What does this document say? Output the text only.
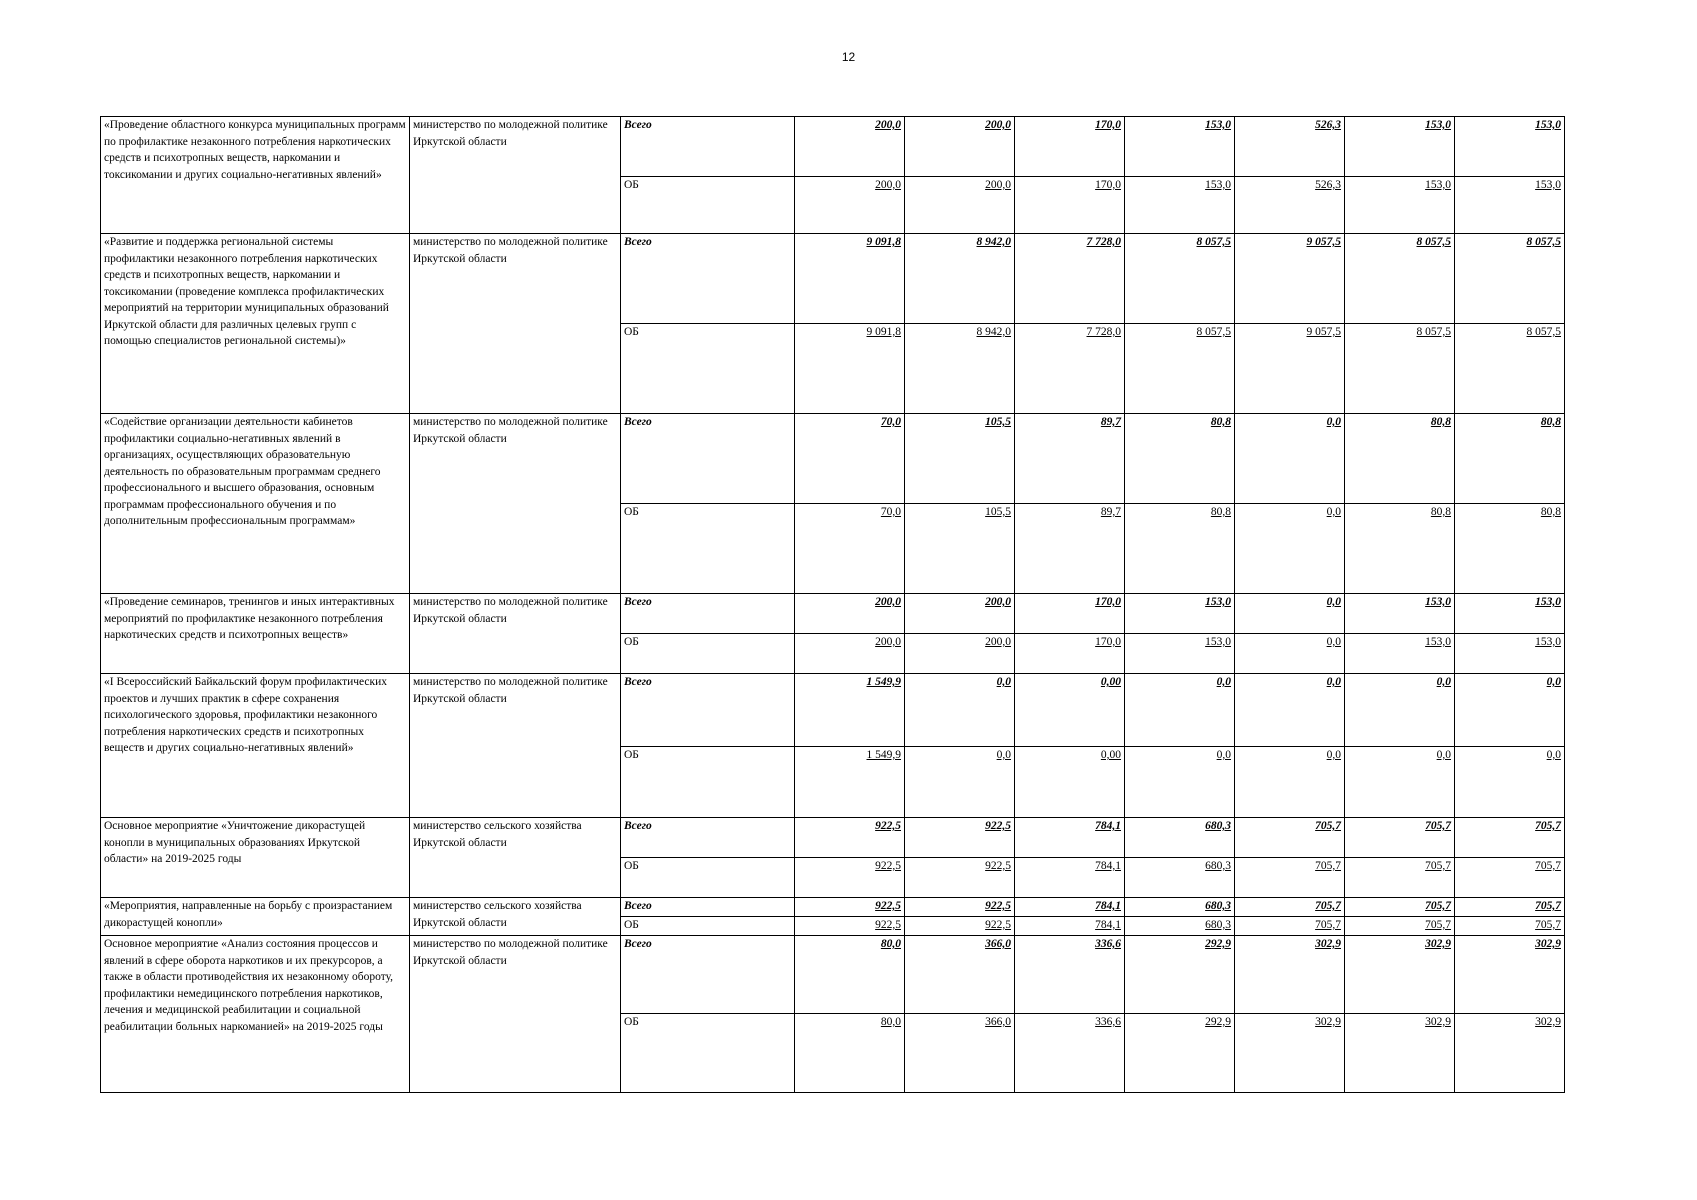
12
«Проведение областного конкурса муниципальных программ по профилактике незаконного потребления наркотических средств и психотропных веществ, наркомании и токсикомании и других социально-негативных явлений»	министерство по молодежной политике Иркутской области	Всего	200,0	200,0	170,0	153,0	526,3	153,0	153,0
		ОБ	200,0	200,0	170,0	153,0	526,3	153,0	153,0
«Развитие и поддержка региональной системы профилактики незаконного потребления наркотических средств и психотропных веществ, наркомании и токсикомании (проведение комплекса профилактических мероприятий на территории муниципальных образований Иркутской области для различных целевых групп с помощью специалистов региональной системы)»	министерство по молодежной политике Иркутской области	Всего	9 091,8	8 942,0	7 728,0	8 057,5	9 057,5	8 057,5	8 057,5
		ОБ	9 091,8	8 942,0	7 728,0	8 057,5	9 057,5	8 057,5	8 057,5
«Содействие организации деятельности кабинетов профилактики социально-негативных явлений в организациях, осуществляющих образовательную деятельность по образовательным программам среднего профессионального и высшего образования, основным программам профессионального обучения и по дополнительным профессиональным программам»	министерство по молодежной политике Иркутской области	Всего	70,0	105,5	89,7	80,8	0,0	80,8	80,8
		ОБ	70,0	105,5	89,7	80,8	0,0	80,8	80,8
«Проведение семинаров, тренингов и иных интерактивных мероприятий по профилактике незаконного потребления наркотических средств и психотропных веществ»	министерство по молодежной политике Иркутской области	Всего	200,0	200,0	170,0	153,0	0,0	153,0	153,0
		ОБ	200,0	200,0	170,0	153,0	0,0	153,0	153,0
«I Всероссийский Байкальский форум профилактических проектов и лучших практик в сфере сохранения психологического здоровья, профилактики незаконного потребления наркотических средств и психотропных веществ и других социально-негативных явлений»	министерство по молодежной политике Иркутской области	Всего	1 549,9	0,0	0,00	0,0	0,0	0,0	0,0
		ОБ	1 549,9	0,0	0,00	0,0	0,0	0,0	0,0
Основное мероприятие «Уничтожение дикорастущей конопли в муниципальных образованиях Иркутской области» на 2019-2025 годы	министерство сельского хозяйства Иркутской области	Всего	922,5	922,5	784,1	680,3	705,7	705,7	705,7
		ОБ	922,5	922,5	784,1	680,3	705,7	705,7	705,7
«Мероприятия, направленные на борьбу с произрастанием дикорастущей конопли»	министерство сельского хозяйства Иркутской области	Всего	922,5	922,5	784,1	680,3	705,7	705,7	705,7
		ОБ	922,5	922,5	784,1	680,3	705,7	705,7	705,7
Основное мероприятие «Анализ состояния процессов и явлений в сфере оборота наркотиков и их прекурсоров, а также в области противодействия их незаконному обороту, профилактики немедицинского потребления наркотиков, лечения и медицинской реабилитации и социальной реабилитации больных наркоманией» на 2019-2025 годы	министерство по молодежной политике Иркутской области	Всего	80,0	366,0	336,6	292,9	302,9	302,9	302,9
		ОБ	80,0	366,0	336,6	292,9	302,9	302,9	302,9
